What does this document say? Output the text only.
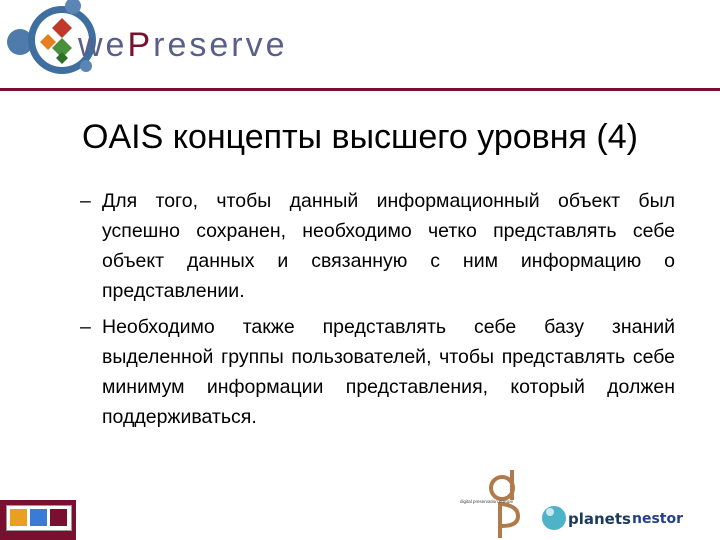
wePreserve
OAIS концепты высшего уровня (4)
– Для того, чтобы данный информационный объект был успешно сохранен, необходимо четко представлять себе объект данных и связанную с ним информацию о представлении.
– Необходимо также представлять себе базу знаний выделенной группы пользователей, чтобы представлять себе минимум информации представления, который должен поддерживаться.
digital preservation europe
planets nestor
